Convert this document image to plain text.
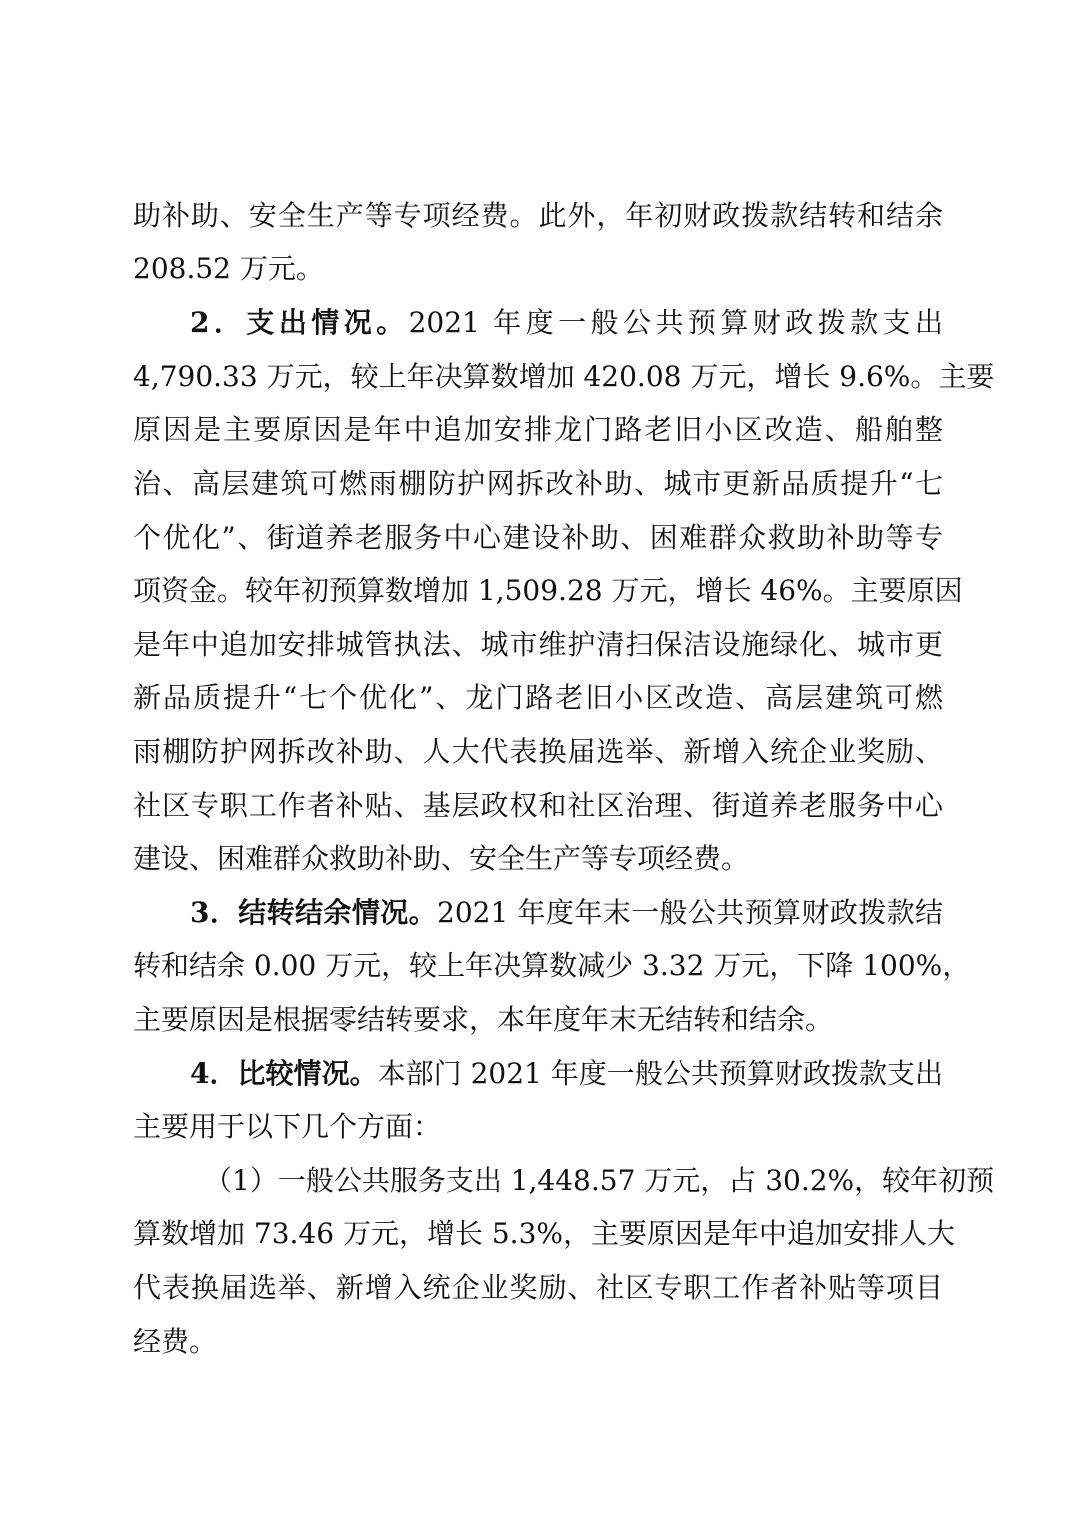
助补助、安全生产等专项经费。此外，年初财政拨款结转和结余
208.52 万元。
2．支出情况。2021 年度一般公共预算财政拨款支出
4,790.33 万元，较上年决算数增加 420.08 万元，增长 9.6%。主要
原因是主要原因是年中追加安排龙门路老旧小区改造、船舶整
治、高层建筑可燃雨棚防护网拆改补助、城市更新品质提升“七
个优化”、街道养老服务中心建设补助、困难群众救助补助等专
项资金。较年初预算数增加 1,509.28 万元，增长 46%。主要原因
是年中追加安排城管执法、城市维护清扫保洁设施绿化、城市更
新品质提升“七个优化”、龙门路老旧小区改造、高层建筑可燃
雨棚防护网拆改补助、人大代表换届选举、新增入统企业奖励、
社区专职工作者补贴、基层政权和社区治理、街道养老服务中心
建设、困难群众救助补助、安全生产等专项经费。
3．结转结余情况。2021 年度年末一般公共预算财政拨款结
转和结余 0.00 万元，较上年决算数减少 3.32 万元，下降 100%，
主要原因是根据零结转要求，本年度年末无结转和结余。
4．比较情况。本部门 2021 年度一般公共预算财政拨款支出
主要用于以下几个方面：
（1）一般公共服务支出 1,448.57 万元，占 30.2%，较年初预
算数增加 73.46 万元，增长 5.3%，主要原因是年中追加安排人大
代表换届选举、新增入统企业奖励、社区专职工作者补贴等项目
经费。
